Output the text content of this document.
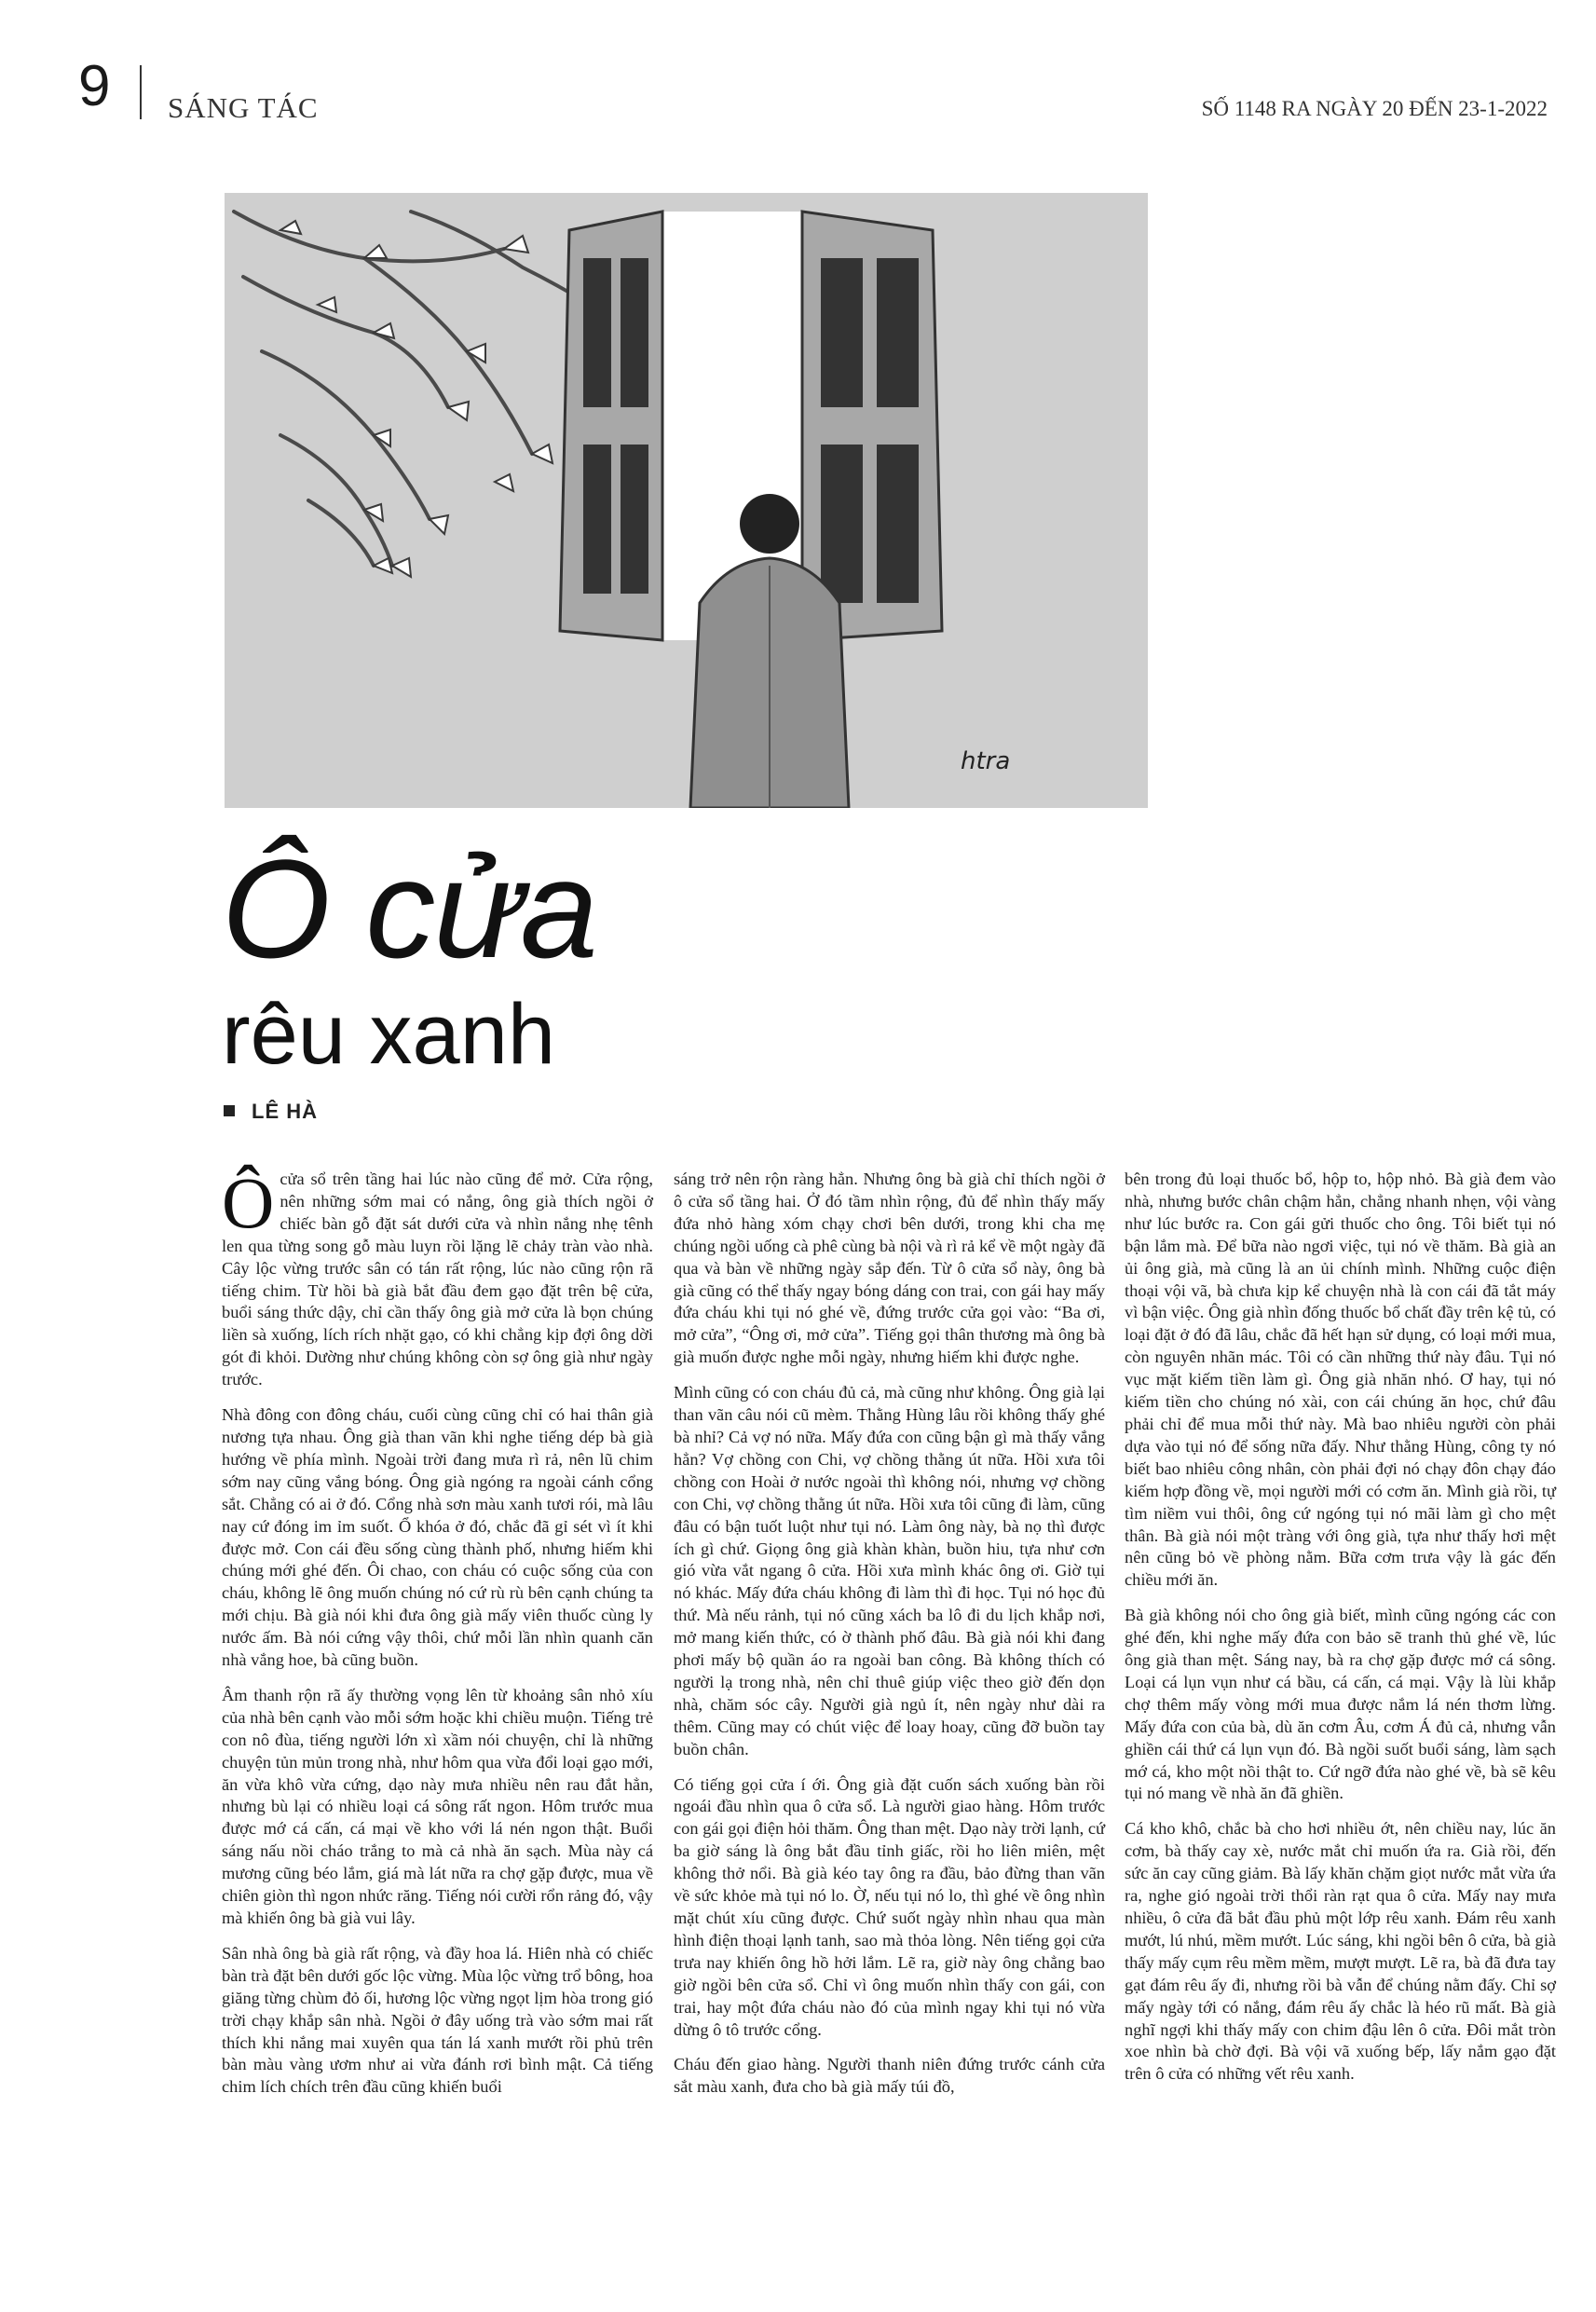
9 SÁNG TÁC	SỐ 1148 RA NGÀY 20 ĐẾN 23-1-2022
htra
Ô cửa
rêu xanh
LÊ HÀ

Ôcửa sổ trên tầng hai lúc nào cũng để mở. Cửa rộng, nên những sớm mai có nắng, ông già thích ngồi ở chiếc bàn gỗ đặt sát dưới cửa và nhìn nắng nhẹ tênh len qua từng song gỗ màu luyn rồi lặng lẽ chảy tràn vào nhà. Cây lộc vừng trước sân có tán rất rộng, lúc nào cũng rộn rã tiếng chim. Từ hồi bà già bắt đầu đem gạo đặt trên bệ cửa, buổi sáng thức dậy, chỉ cần thấy ông già mở cửa là bọn chúng liền sà xuống, lích rích nhặt gạo, có khi chẳng kịp đợi ông dời gót đi khỏi. Dường như chúng không còn sợ ông già như ngày trước.

Nhà đông con đông cháu, cuối cùng cũng chỉ có hai thân già nương tựa nhau. Ông già than vãn khi nghe tiếng dép bà già hướng về phía mình. Ngoài trời đang mưa rì rả, nên lũ chim sớm nay cũng vắng bóng. Ông già ngóng ra ngoài cánh cổng sắt. Chẳng có ai ở đó. Cổng nhà sơn màu xanh tươi rói, mà lâu nay cứ đóng im ỉm suốt. Ổ khóa ở đó, chắc đã gỉ sét vì ít khi được mở. Con cái đều sống cùng thành phố, nhưng hiếm khi chúng mới ghé đến. Ôi chao, con cháu có cuộc sống của con cháu, không lẽ ông muốn chúng nó cứ rù rù bên cạnh chúng ta mới chịu. Bà già nói khi đưa ông già mấy viên thuốc cùng ly nước ấm. Bà nói cứng vậy thôi, chứ mỗi lần nhìn quanh căn nhà vắng hoe, bà cũng buồn.

Âm thanh rộn rã ấy thường vọng lên từ khoảng sân nhỏ xíu của nhà bên cạnh vào mỗi sớm hoặc khi chiều muộn. Tiếng trẻ con nô đùa, tiếng người lớn xì xầm nói chuyện, chỉ là những chuyện tủn mủn trong nhà, như hôm qua vừa đổi loại gạo mới, ăn vừa khô vừa cứng, dạo này mưa nhiều nên rau đắt hẳn, nhưng bù lại có nhiều loại cá sông rất ngon. Hôm trước mua được mớ cá cấn, cá mại về kho với lá nén ngon thật. Buổi sáng nấu nồi cháo trắng to mà cả nhà ăn sạch. Mùa này cá mương cũng béo lắm, giá mà lát nữa ra chợ gặp được, mua về chiên giòn thì ngon nhức răng. Tiếng nói cười rổn rảng đó, vậy mà khiến ông bà già vui lây.

Sân nhà ông bà già rất rộng, và đầy hoa lá. Hiên nhà có chiếc bàn trà đặt bên dưới gốc lộc vừng. Mùa lộc vừng trổ bông, hoa giăng từng chùm đỏ ối, hương lộc vừng ngọt lịm hòa trong gió trời chạy khắp sân nhà. Ngồi ở đây uống trà vào sớm mai rất thích khi nắng mai xuyên qua tán lá xanh mướt rồi phủ trên bàn màu vàng ươm như ai vừa đánh rơi bình mật. Cả tiếng chim lích chích trên đầu cũng khiến buổi

sáng trở nên rộn ràng hẳn. Nhưng ông bà già chỉ thích ngồi ở ô cửa sổ tầng hai. Ở đó tầm nhìn rộng, đủ để nhìn thấy mấy đứa nhỏ hàng xóm chạy chơi bên dưới, trong khi cha mẹ chúng ngồi uống cà phê cùng bà nội và rì rả kể về một ngày đã qua và bàn về những ngày sắp đến. Từ ô cửa sổ này, ông bà già cũng có thể thấy ngay bóng dáng con trai, con gái hay mấy đứa cháu khi tụi nó ghé về, đứng trước cửa gọi vào: “Ba ơi, mở cửa”, “Ông ơi, mở cửa”. Tiếng gọi thân thương mà ông bà già muốn được nghe mỗi ngày, nhưng hiếm khi được nghe.

Mình cũng có con cháu đủ cả, mà cũng như không. Ông già lại than vãn câu nói cũ mèm. Thằng Hùng lâu rồi không thấy ghé bà nhỉ? Cả vợ nó nữa. Mấy đứa con cũng bận gì mà thấy vắng hẳn? Vợ chồng con Chi, vợ chồng thằng út nữa. Hồi xưa tôi chồng con Hoài ở nước ngoài thì không nói, nhưng vợ chồng con Chi, vợ chồng thằng út nữa. Hồi xưa tôi cũng đi làm, cũng đâu có bận tuốt luột như tụi nó. Làm ông này, bà nọ thì được ích gì chứ. Giọng ông già khàn khàn, buồn hiu, tựa như cơn gió vừa vắt ngang ô cửa. Hồi xưa mình khác ông ơi. Giờ tụi nó khác. Mấy đứa cháu không đi làm thì đi học. Tụi nó học đủ thứ. Mà nếu rảnh, tụi nó cũng xách ba lô đi du lịch khắp nơi, mở mang kiến thức, có ờ thành phố đâu. Bà già nói khi đang phơi mấy bộ quần áo ra ngoài ban công. Bà không thích có người lạ trong nhà, nên chỉ thuê giúp việc theo giờ đến dọn nhà, chăm sóc cây. Người già ngủ ít, nên ngày như dài ra thêm. Cũng may có chút việc để loay hoay, cũng đỡ buồn tay buồn chân.

Có tiếng gọi cửa í ới. Ông già đặt cuốn sách xuống bàn rồi ngoái đầu nhìn qua ô cửa sổ. Là người giao hàng. Hôm trước con gái gọi điện hỏi thăm. Ông than mệt. Dạo này trời lạnh, cứ ba giờ sáng là ông bắt đầu tỉnh giấc, rồi ho liên miên, mệt không thở nổi. Bà già kéo tay ông ra đầu, bảo đừng than vãn về sức khỏe mà tụi nó lo. Ờ, nếu tụi nó lo, thì ghé về ông nhìn mặt chút xíu cũng được. Chứ suốt ngày nhìn nhau qua màn hình điện thoại lạnh tanh, sao mà thỏa lòng. Nên tiếng gọi cửa trưa nay khiến ông hồ hởi lắm. Lẽ ra, giờ này ông chẳng bao giờ ngồi bên cửa sổ. Chỉ vì ông muốn nhìn thấy con gái, con trai, hay một đứa cháu nào đó của mình ngay khi tụi nó vừa dừng ô tô trước cổng.

Cháu đến giao hàng. Người thanh niên đứng trước cánh cửa sắt màu xanh, đưa cho bà già mấy túi đồ,

bên trong đủ loại thuốc bổ, hộp to, hộp nhỏ. Bà già đem vào nhà, nhưng bước chân chậm hẳn, chẳng nhanh nhẹn, vội vàng như lúc bước ra. Con gái gửi thuốc cho ông. Tôi biết tụi nó bận lắm mà. Để bữa nào ngơi việc, tụi nó về thăm. Bà già an ủi ông già, mà cũng là an ủi chính mình. Những cuộc điện thoại vội vã, bà chưa kịp kể chuyện nhà là con cái đã tắt máy vì bận việc. Ông già nhìn đống thuốc bổ chất đầy trên kệ tủ, có loại đặt ở đó đã lâu, chắc đã hết hạn sử dụng, có loại mới mua, còn nguyên nhãn mác. Tôi có cần những thứ này đâu. Tụi nó vục mặt kiếm tiền làm gì. Ông già nhăn nhó. Ơ hay, tụi nó kiếm tiền cho chúng nó xài, con cái chúng ăn học, chứ đâu phải chỉ để mua mỗi thứ này. Mà bao nhiêu người còn phải dựa vào tụi nó để sống nữa đấy. Như thằng Hùng, công ty nó biết bao nhiêu công nhân, còn phải đợi nó chạy đôn chạy đáo kiếm hợp đồng về, mọi người mới có cơm ăn. Mình già rồi, tự tìm niềm vui thôi, ông cứ ngóng tụi nó mãi làm gì cho mệt thân. Bà già nói một tràng với ông già, tựa như thấy hơi mệt nên cũng bỏ về phòng nằm. Bữa cơm trưa vậy là gác đến chiều mới ăn.

Bà già không nói cho ông già biết, mình cũng ngóng các con ghé đến, khi nghe mấy đứa con bảo sẽ tranh thủ ghé về, lúc ông già than mệt. Sáng nay, bà ra chợ gặp được mớ cá sông. Loại cá lụn vụn như cá bầu, cá cấn, cá mại. Vậy là lùi khắp chợ thêm mấy vòng mới mua được nắm lá nén thơm lừng. Mấy đứa con của bà, dù ăn cơm Âu, cơm Á đủ cả, nhưng vẫn ghiền cái thứ cá lụn vụn đó. Bà ngồi suốt buổi sáng, làm sạch mớ cá, kho một nồi thật to. Cứ ngỡ đứa nào ghé về, bà sẽ kêu tụi nó mang về nhà ăn đã ghiền.

Cá kho khô, chắc bà cho hơi nhiều ớt, nên chiều nay, lúc ăn cơm, bà thấy cay xè, nước mắt chỉ muốn ứa ra. Già rồi, đến sức ăn cay cũng giảm. Bà lấy khăn chặm giọt nước mắt vừa ứa ra, nghe gió ngoài trời thổi ràn rạt qua ô cửa. Mấy nay mưa nhiều, ô cửa đã bắt đầu phủ một lớp rêu xanh. Đám rêu xanh mướt, lú nhú, mềm mướt. Lúc sáng, khi ngồi bên ô cửa, bà già thấy mấy cụm rêu mềm mềm, mượt mượt. Lẽ ra, bà đã đưa tay gạt đám rêu ấy đi, nhưng rồi bà vẫn để chúng nằm đấy. Chỉ sợ mấy ngày tới có nắng, đám rêu ấy chắc là héo rũ mất. Bà già nghĩ ngợi khi thấy mấy con chim đậu lên ô cửa. Đôi mắt tròn xoe nhìn bà chờ đợi. Bà vội vã xuống bếp, lấy nắm gạo đặt trên ô cửa có những vết rêu xanh.
